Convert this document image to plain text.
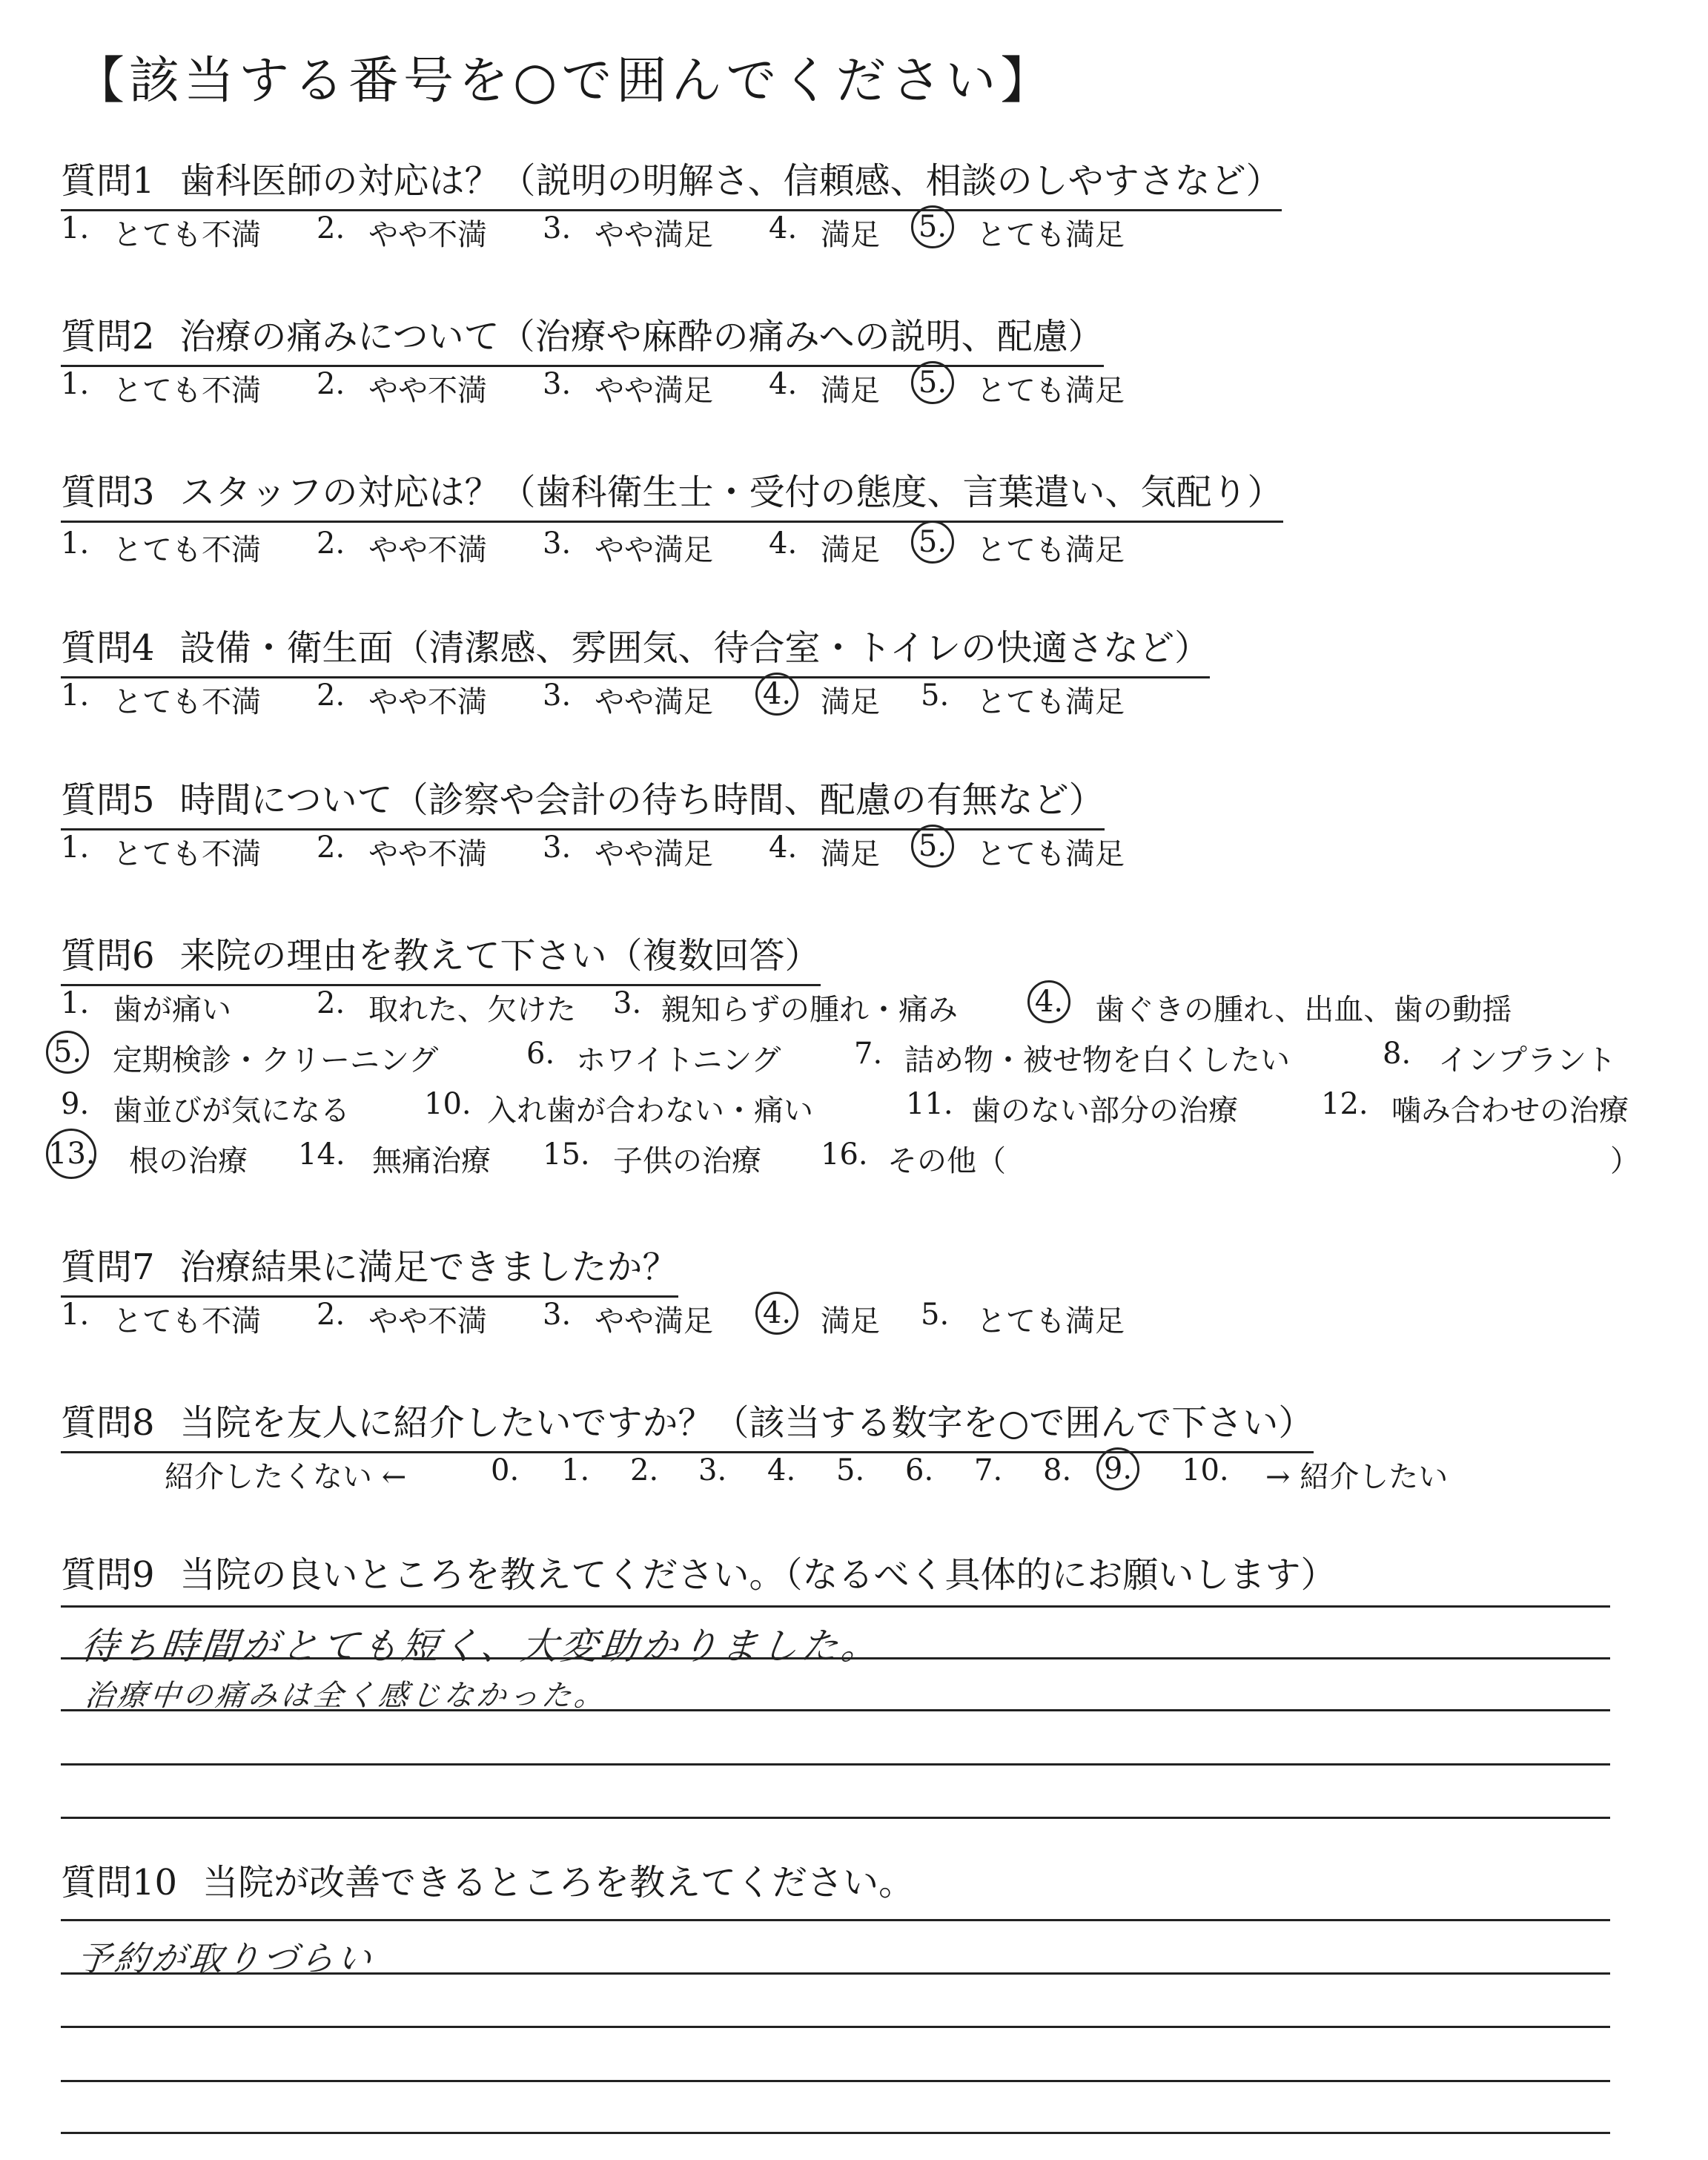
【該当する番号を○で囲んでください】
質問1 歯科医師の対応は？（説明の明解さ、信頼感、相談のしやすさなど）
1. とても不満 2. やや不満 3. やや満足 4. 満足 5. とても満足
質問2 治療の痛みについて（治療や麻酔の痛みへの説明、配慮）
1. とても不満 2. やや不満 3. やや満足 4. 満足 5. とても満足
質問3 スタッフの対応は？（歯科衛生士・受付の態度、言葉遣い、気配り）
1. とても不満 2. やや不満 3. やや満足 4. 満足 5. とても満足
質問4 設備・衛生面（清潔感、雰囲気、待合室・トイレの快適さなど）
1. とても不満 2. やや不満 3. やや満足 4. 満足 5. とても満足
質問5 時間について（診察や会計の待ち時間、配慮の有無など）
1. とても不満 2. やや不満 3. やや満足 4. 満足 5. とても満足
質問6 来院の理由を教えて下さい（複数回答）
1. 歯が痛い	2. 取れた、欠けた 3. 親知らずの腫れ・痛み	4. 歯ぐきの腫れ、出血、歯の動揺
5. 定期検診・クリーニング	6. ホワイトニング 7. 詰め物・被せ物を白くしたい	8. インプラント
9. 歯並びが気になる	10. 入れ歯が合わない・痛い	11. 歯のない部分の治療	12. 噛み合わせの治療
13. 根の治療 14. 無痛治療 15. 子供の治療 16. その他（	）
質問7 治療結果に満足できましたか？
1. とても不満 2. やや不満 3. やや満足 4. 満足 5. とても満足
質問8 当院を友人に紹介したいですか？（該当する数字を○で囲んで下さい）
紹介したくない ←	0. 1. 2. 3. 4. 5. 6. 7. 8. 9. 10. → 紹介したい
質問9 当院の良いところを教えてください。（なるべく具体的にお願いします）
待ち時間がとても短く、大変助かりました。
治療中の痛みは全く感じなかった。
質問10 当院が改善できるところを教えてください。
予約が取りづらい
